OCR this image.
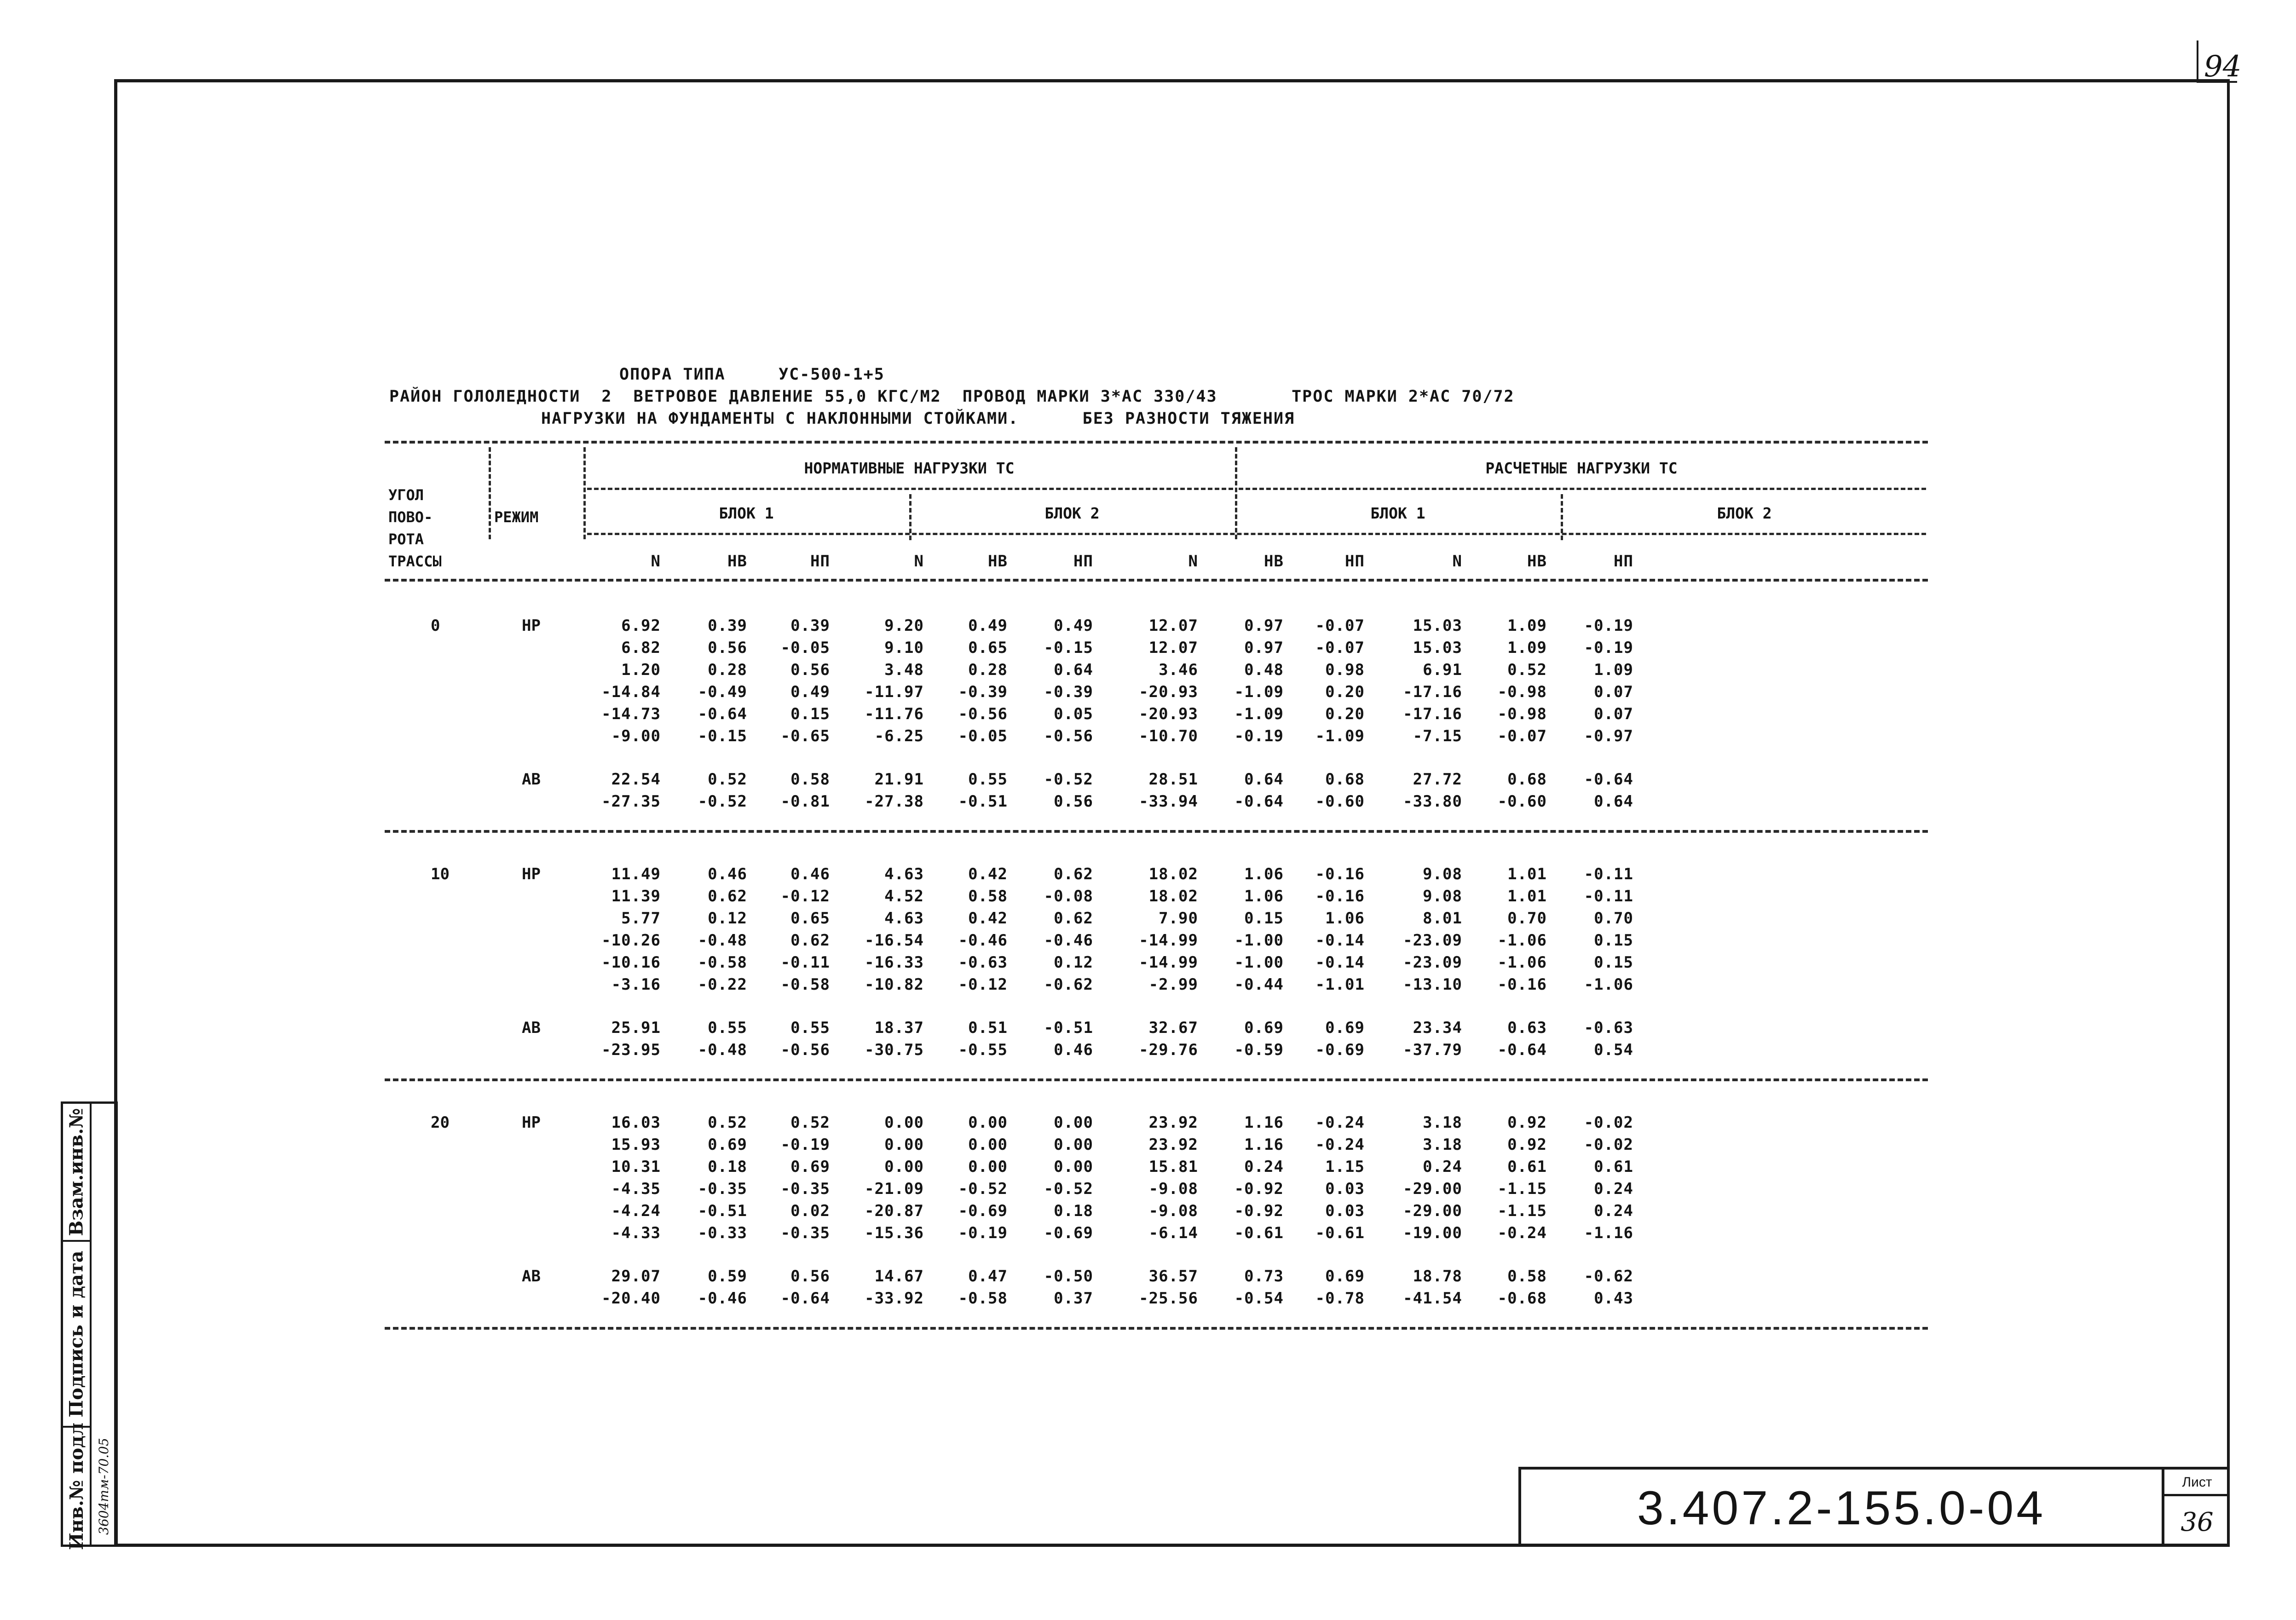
94
Взам.инв.№
Подпись и дата
Инв.№ подл 3604тм-70.05	3.407.2-155.0-04	Лист
36
ОПОРА ТИПА     УС-500-1+5
РАЙОН ГОЛОЛЕДНОСТИ  2  ВЕТРОВОЕ ДАВЛЕНИЕ 55,0 КГС/М2  ПРОВОД МАРКИ 3*АС 330/43       ТРОС МАРКИ 2*АС 70/72
НАГРУЗКИ НА ФУНДАМЕНТЫ С НАКЛОННЫМИ СТОЙКАМИ.      БЕЗ РАЗНОСТИ ТЯЖЕНИЯ
НОРМАТИВНЫЕ НАГРУЗКИ ТС	РАСЧЕТНЫЕ НАГРУЗКИ ТС
БЛОК 1	БЛОК 2	БЛОК 1	БЛОК 2
УГОЛ
ПОВО-
РОТА
ТРАССЫ
РЕЖИМ
N	НВ	НП	N	НВ	НП	N	НВ	НП	N	НВ	НП
0	НР	6.92	0.39	0.39	9.20	0.49	0.49	12.07	0.97	-0.07	15.03	1.09	-0.19
6.82	0.56	-0.05	9.10	0.65	-0.15	12.07	0.97	-0.07	15.03	1.09	-0.19
1.20	0.28	0.56	3.48	0.28	0.64	3.46	0.48	0.98	6.91	0.52	1.09
-14.84	-0.49	0.49	-11.97	-0.39	-0.39	-20.93	-1.09	0.20	-17.16	-0.98	0.07
-14.73	-0.64	0.15	-11.76	-0.56	0.05	-20.93	-1.09	0.20	-17.16	-0.98	0.07
-9.00	-0.15	-0.65	-6.25	-0.05	-0.56	-10.70	-0.19	-1.09	-7.15	-0.07	-0.97
АВ	22.54	0.52	0.58	21.91	0.55	-0.52	28.51	0.64	0.68	27.72	0.68	-0.64
-27.35	-0.52	-0.81	-27.38	-0.51	0.56	-33.94	-0.64	-0.60	-33.80	-0.60	0.64
10	НР	11.49	0.46	0.46	4.63	0.42	0.62	18.02	1.06	-0.16	9.08	1.01	-0.11
11.39	0.62	-0.12	4.52	0.58	-0.08	18.02	1.06	-0.16	9.08	1.01	-0.11
5.77	0.12	0.65	4.63	0.42	0.62	7.90	0.15	1.06	8.01	0.70	0.70
-10.26	-0.48	0.62	-16.54	-0.46	-0.46	-14.99	-1.00	-0.14	-23.09	-1.06	0.15
-10.16	-0.58	-0.11	-16.33	-0.63	0.12	-14.99	-1.00	-0.14	-23.09	-1.06	0.15
-3.16	-0.22	-0.58	-10.82	-0.12	-0.62	-2.99	-0.44	-1.01	-13.10	-0.16	-1.06
АВ	25.91	0.55	0.55	18.37	0.51	-0.51	32.67	0.69	0.69	23.34	0.63	-0.63
-23.95	-0.48	-0.56	-30.75	-0.55	0.46	-29.76	-0.59	-0.69	-37.79	-0.64	0.54
20	НР	16.03	0.52	0.52	0.00	0.00	0.00	23.92	1.16	-0.24	3.18	0.92	-0.02
15.93	0.69	-0.19	0.00	0.00	0.00	23.92	1.16	-0.24	3.18	0.92	-0.02
10.31	0.18	0.69	0.00	0.00	0.00	15.81	0.24	1.15	0.24	0.61	0.61
-4.35	-0.35	-0.35	-21.09	-0.52	-0.52	-9.08	-0.92	0.03	-29.00	-1.15	0.24
-4.24	-0.51	0.02	-20.87	-0.69	0.18	-9.08	-0.92	0.03	-29.00	-1.15	0.24
-4.33	-0.33	-0.35	-15.36	-0.19	-0.69	-6.14	-0.61	-0.61	-19.00	-0.24	-1.16
АВ	29.07	0.59	0.56	14.67	0.47	-0.50	36.57	0.73	0.69	18.78	0.58	-0.62
-20.40	-0.46	-0.64	-33.92	-0.58	0.37	-25.56	-0.54	-0.78	-41.54	-0.68	0.43
